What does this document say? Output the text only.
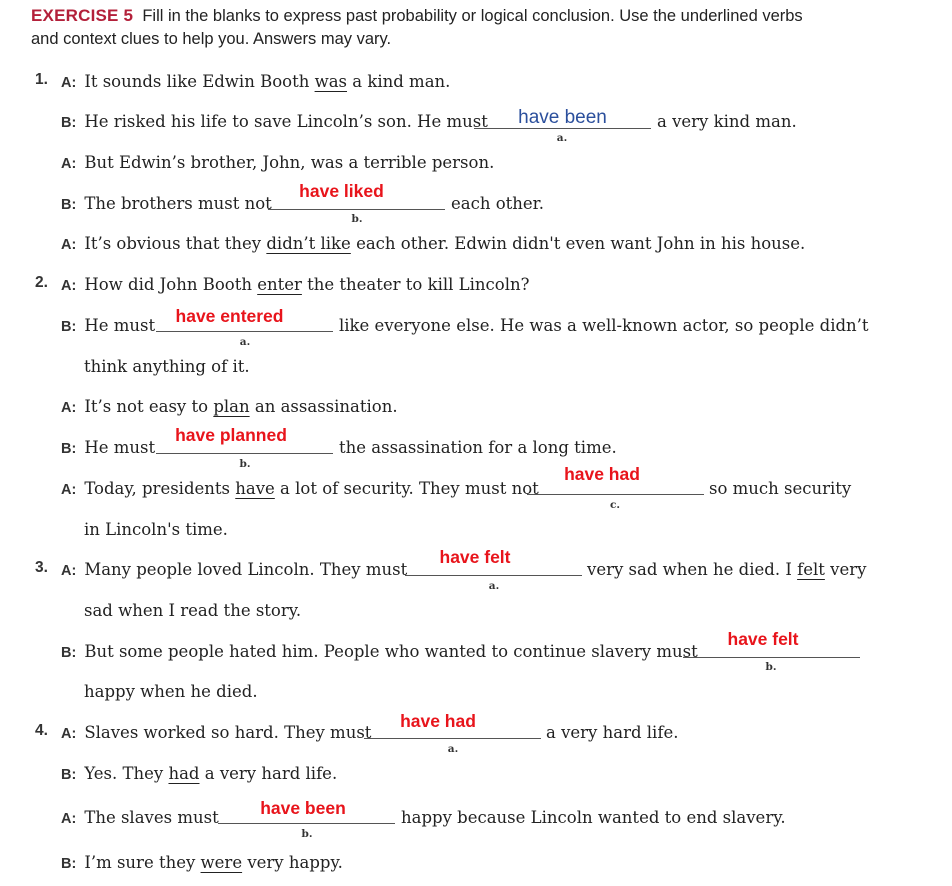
EXERCISE 5 Fill in the blanks to express past probability or logical conclusion. Use the underlined verbs
and context clues to help you. Answers may vary.
1. A: It sounds like Edwin Booth was a kind man.
B: He risked his life to save Lincoln’s son. He must	have been
a.
a very kind man.
A: But Edwin’s brother, John, was a terrible person.
B: The brothers must not
have liked
b.
each other.
A: It’s obvious that they didn’t like each other. Edwin didn't even want John in his house.
2. A: How did John Booth enter the theater to kill Lincoln?
B: He must	have entered
a.
like everyone else. He was a well-known actor, so people didn’t
think anything of it.
A: It’s not easy to plan an assassination.
B: He must
have planned
b.
the assassination for a long time.
A: Today, presidents have a lot of security. They must not
have had
c.
so much security
in Lincoln's time.
3. A: Many people loved Lincoln. They must
have felt
a.
very sad when he died. I felt very
sad when I read the story.
B: But some people hated him. People who wanted to continue slavery must
have felt
b.
happy when he died.
4. A: Slaves worked so hard. They must
have had
a.
a very hard life.
B: Yes. They had a very hard life.
A: The slaves must	have been
b.
happy because Lincoln wanted to end slavery.
B: I’m sure they were very happy.
